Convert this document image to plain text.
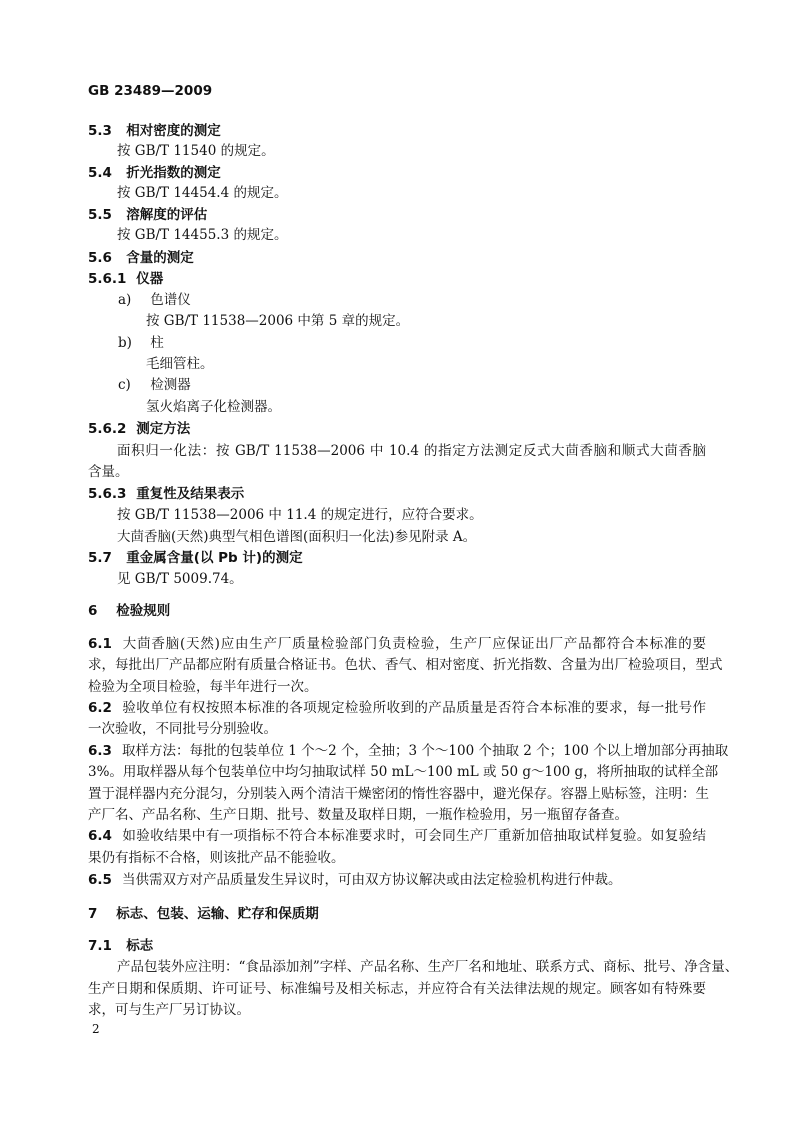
GB 23489—2009
5.3 相对密度的测定
按 GB/T 11540 的规定。
5.4 折光指数的测定
按 GB/T 14454.4 的规定。
5.5 溶解度的评估
按 GB/T 14455.3 的规定。
5.6 含量的测定
5.6.1 仪器
a) 色谱仪
按 GB/T 11538—2006 中第 5 章的规定。
b) 柱
毛细管柱。
c) 检测器
氢火焰离子化检测器。
5.6.2 测定方法
面积归一化法：按 GB/T 11538—2006 中 10.4 的指定方法测定反式大茴香脑和顺式大茴香脑
含量。
5.6.3 重复性及结果表示
按 GB/T 11538—2006 中 11.4 的规定进行，应符合要求。
大茴香脑(天然)典型气相色谱图(面积归一化法)参见附录 A。
5.7 重金属含量(以 Pb 计)的测定
见 GB/T 5009.74。
6 检验规则
6.1 大茴香脑(天然)应由生产厂质量检验部门负责检验，生产厂应保证出厂产品都符合本标准的要
求，每批出厂产品都应附有质量合格证书。色状、香气、相对密度、折光指数、含量为出厂检验项目，型式
检验为全项目检验，每半年进行一次。
6.2 验收单位有权按照本标准的各项规定检验所收到的产品质量是否符合本标准的要求，每一批号作
一次验收，不同批号分别验收。
6.3 取样方法：每批的包装单位 1 个～2 个，全抽；3 个～100 个抽取 2 个；100 个以上增加部分再抽取
3%。用取样器从每个包装单位中均匀抽取试样 50 mL～100 mL 或 50 g～100 g，将所抽取的试样全部
置于混样器内充分混匀，分别装入两个清洁干燥密闭的惰性容器中，避光保存。容器上贴标签，注明：生
产厂名、产品名称、生产日期、批号、数量及取样日期，一瓶作检验用，另一瓶留存备查。
6.4 如验收结果中有一项指标不符合本标准要求时，可会同生产厂重新加倍抽取试样复验。如复验结
果仍有指标不合格，则该批产品不能验收。
6.5 当供需双方对产品质量发生异议时，可由双方协议解决或由法定检验机构进行仲裁。
7 标志、包装、运输、贮存和保质期
7.1 标志
产品包装外应注明：“食品添加剂”字样、产品名称、生产厂名和地址、联系方式、商标、批号、净含量、
生产日期和保质期、许可证号、标准编号及相关标志，并应符合有关法律法规的规定。顾客如有特殊要
求，可与生产厂另订协议。
2
